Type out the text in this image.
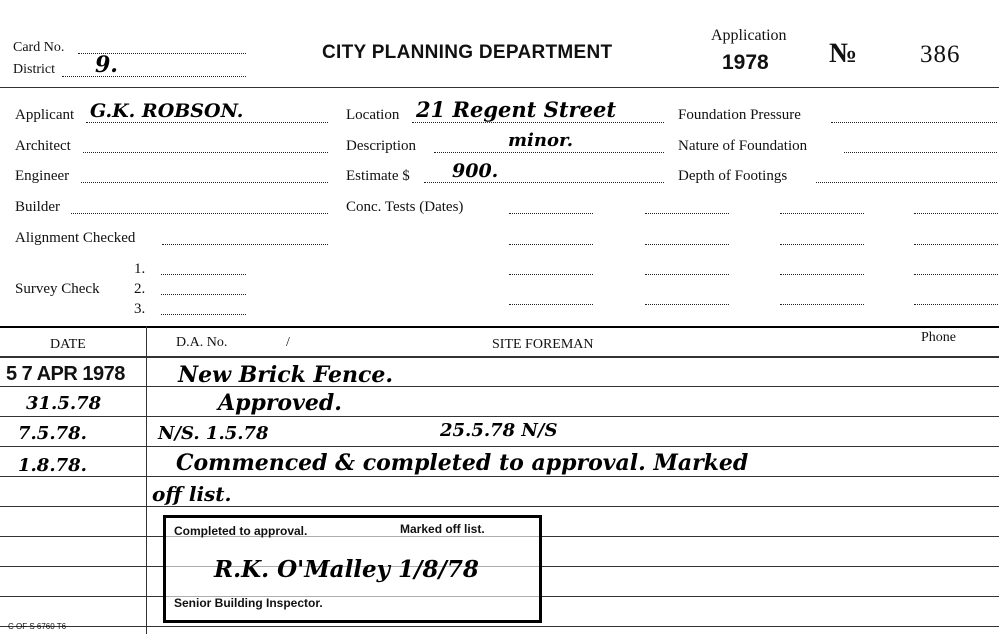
Card No.
District 9.	CITY PLANNING DEPARTMENT
Application
1978 №	386
Applicant G.K. ROBSON.
Architect
Engineer
Builder
Alignment Checked
Survey Check
1.
2.
3.
Location 21 Regent Street
Description	minor.
Estimate $ 900.
Conc. Tests (Dates)
Foundation Pressure
Nature of Foundation
Depth of Footings
DATE	D.A. No.	/	SITE FOREMAN	Phone
5 7 APR 1978 New Brick Fence.
31.5.78	Approved.
7.5.78.	N/S. 1.5.78	25.5.78 N/S
1.8.78.	Commenced & completed to approval. Marked
off list.
Completed to approval.	Marked off list.
R.K. O'Malley 1/8/78
Senior Building Inspector.
C OF S 6760 T6
